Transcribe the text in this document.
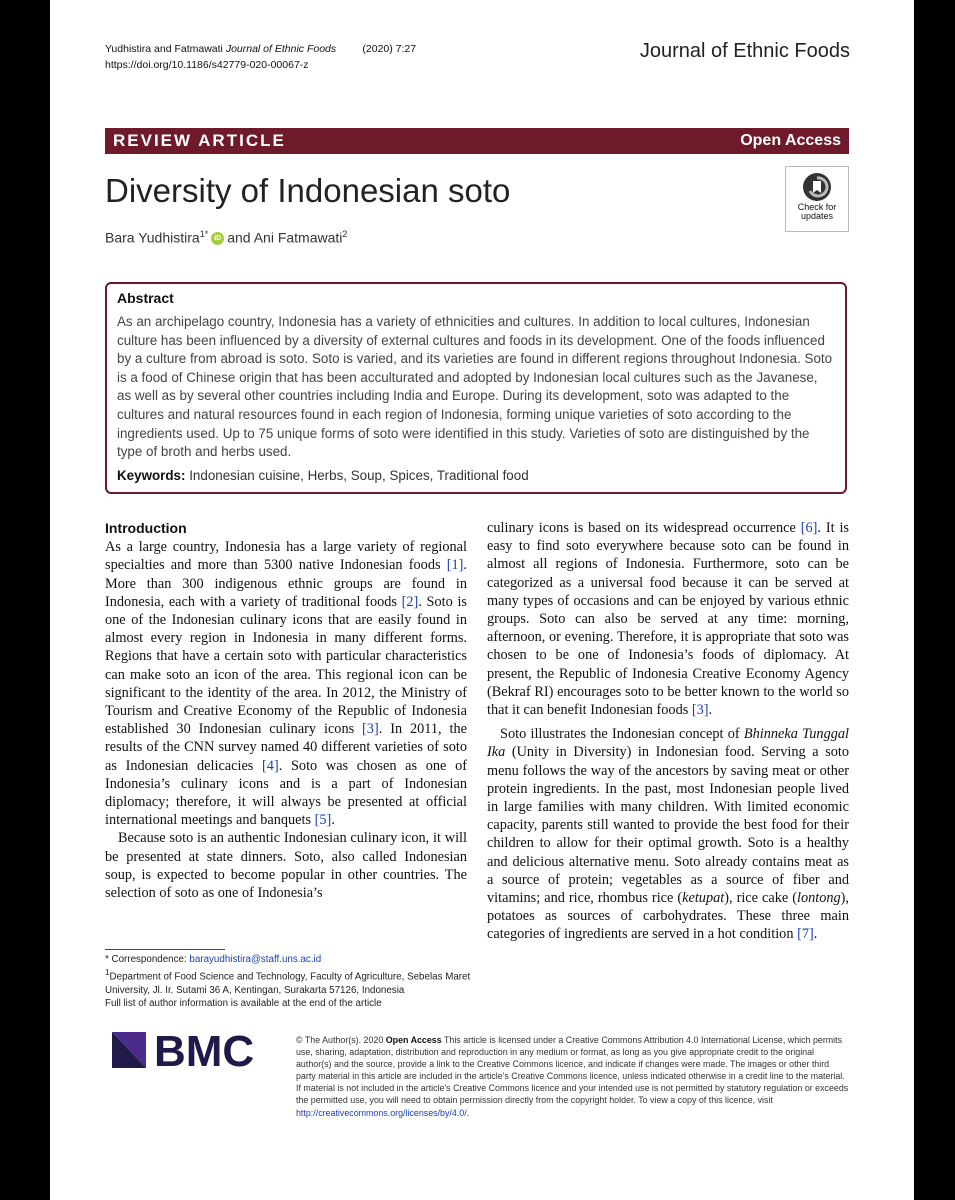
Yudhistira and Fatmawati Journal of Ethnic Foods	(2020) 7:27
https://doi.org/10.1186/s42779-020-00067-z
Journal of Ethnic Foods
REVIEW ARTICLE	Open Access
Diversity of Indonesian soto
Bara Yudhistira$^{1*}$ iD and Ani Fatmawati$^2$
Check for
updates
Abstract
As an archipelago country, Indonesia has a variety of ethnicities and cultures. In addition to local cultures, Indonesian culture has been influenced by a diversity of external cultures and foods in its development. One of the foods influenced by a culture from abroad is soto. Soto is varied, and its varieties are found in different regions throughout Indonesia. Soto is a food of Chinese origin that has been acculturated and adopted by Indonesian local cultures such as the Javanese, as well as by several other countries including India and Europe. During its development, soto was adapted to the cultures and natural resources found in each region of Indonesia, forming unique varieties of soto according to the ingredients used. Up to 75 unique forms of soto were identified in this study. Varieties of soto are distinguished by the type of broth and herbs used.
Keywords: Indonesian cuisine, Herbs, Soup, Spices, Traditional food
Introduction

As a large country, Indonesia has a large variety of regional specialties and more than 5300 native Indonesian foods [1]. More than 300 indigenous ethnic groups are found in Indonesia, each with a variety of traditional foods [2]. Soto is one of the Indonesian culinary icons that are easily found in almost every region in Indonesia in many different forms. Regions that have a certain soto with particular characteristics can make soto an icon of the area. This regional icon can be significant to the identity of the area. In 2012, the Ministry of Tourism and Creative Economy of the Republic of Indonesia established 30 Indonesian culinary icons [3]. In 2011, the results of the CNN survey named 40 different varieties of soto as Indonesian delicacies [4]. Soto was chosen as one of Indonesia’s culinary icons and is a part of Indonesian diplomacy; therefore, it will always be presented at official international meetings and banquets [5].

Because soto is an authentic Indonesian culinary icon, it will be presented at state dinners. Soto, also called Indonesian soup, is expected to become popular in other countries. The selection of soto as one of Indonesia’s

culinary icons is based on its widespread occurrence [6]. It is easy to find soto everywhere because soto can be found in almost all regions of Indonesia. Furthermore, soto can be categorized as a universal food because it can be served at many types of occasions and can be enjoyed by various ethnic groups. Soto can also be served at any time: morning, afternoon, or evening. Therefore, it is appropriate that soto was chosen to be one of Indonesia’s foods of diplomacy. At present, the Republic of Indonesia Creative Economy Agency (Bekraf RI) encourages soto to be better known to the world so that it can benefit Indonesian foods [3].

Soto illustrates the Indonesian concept of Bhinneka Tunggal Ika (Unity in Diversity) in Indonesian food. Serving a soto menu follows the way of the ancestors by saving meat or other protein ingredients. In the past, most Indonesian people lived in large families with many children. With limited economic capacity, parents still wanted to provide the best food for their children to allow for their optimal growth. Soto is a healthy and delicious alternative menu. Soto already contains meat as a source of protein; vegetables as a source of fiber and vitamins; and rice, rhombus rice (ketupat), rice cake (lontong), potatoes as sources of carbohydrates. These three main categories of ingredients are served in a hot condition [7].

* Correspondence: barayudhistira@staff.uns.ac.id
$^1$Department of Food Science and Technology, Faculty of Agriculture, Sebelas Maret University, Jl. Ir. Sutami 36 A, Kentingan, Surakarta 57126, Indonesia
Full list of author information is available at the end of the article
BMC	© The Author(s). 2020 Open Access This article is licensed under a Creative Commons Attribution 4.0 International License, which permits use, sharing, adaptation, distribution and reproduction in any medium or format, as long as you give appropriate credit to the original author(s) and the source, provide a link to the Creative Commons licence, and indicate if changes were made. The images or other third party material in this article are included in the article's Creative Commons licence, unless indicated otherwise in a credit line to the material. If material is not included in the article's Creative Commons licence and your intended use is not permitted by statutory regulation or exceeds the permitted use, you will need to obtain permission directly from the copyright holder. To view a copy of this licence, visit http://creativecommons.org/licenses/by/4.0/.
